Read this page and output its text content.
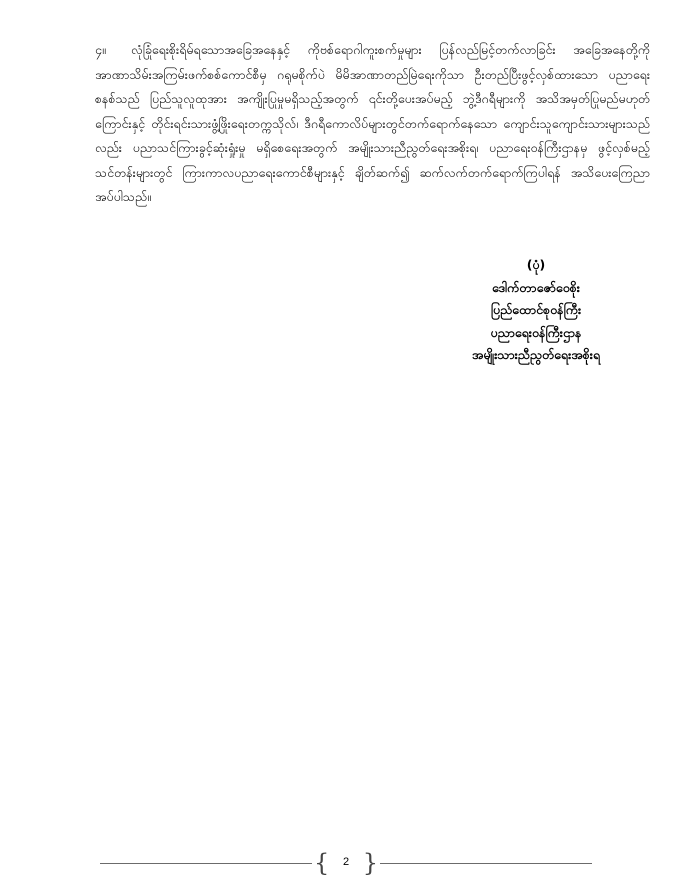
၄။ လုံခြုံရေးစိုးရိမ်ရသောအခြေအနေနှင့် ကိုဗစ်ရောဂါကူးစက်မှုများ ပြန်လည်မြင့်တက်လာခြင်း အခြေအနေတို့ကို အာဏာသိမ်းအကြမ်းဖက်စစ်ကောင်စီမှ ဂရုမစိုက်ပဲ မိမိအာဏာတည်မြဲရေးကိုသာ ဦးတည်ပြီးဖွင့်လှစ်ထားသော ပညာရေးစနစ်သည် ပြည်သူလူထုအား အကျိုးပြုမှုမရှိသည့်အတွက် ၎င်းတို့ပေးအပ်မည့် ဘွဲ့ဒီဂရီများကို အသိအမှတ်ပြုမည်မဟုတ်ကြောင်းနှင့် တိုင်းရင်းသားဖွံ့ဖြိုးရေးတက္ကသိုလ်၊ ဒီဂရီကောလိပ်များတွင်တက်ရောက်နေသော ကျောင်းသူကျောင်းသားများသည်လည်း ပညာသင်ကြားခွင့်ဆုံးရှုံးမှု မရှိစေရေးအတွက် အမျိုးသားညီညွတ်ရေးအစိုးရ၊ ပညာရေးဝန်ကြီးဌာနမှ ဖွင့်လှစ်မည့်သင်တန်းများတွင် ကြားကာလပညာရေးကောင်စီများနှင့် ချိတ်ဆက်၍ ဆက်လက်တက်ရောက်ကြပါရန် အသိပေးကြေညာအပ်ပါသည်။
(ပုံ)
ဒေါက်တာဇော်ဝေစိုး
ပြည်ထောင်စုဝန်ကြီး
ပညာရေးဝန်ကြီးဌာန
အမျိုးသားညီညွတ်ရေးအစိုးရ
{	2 }
